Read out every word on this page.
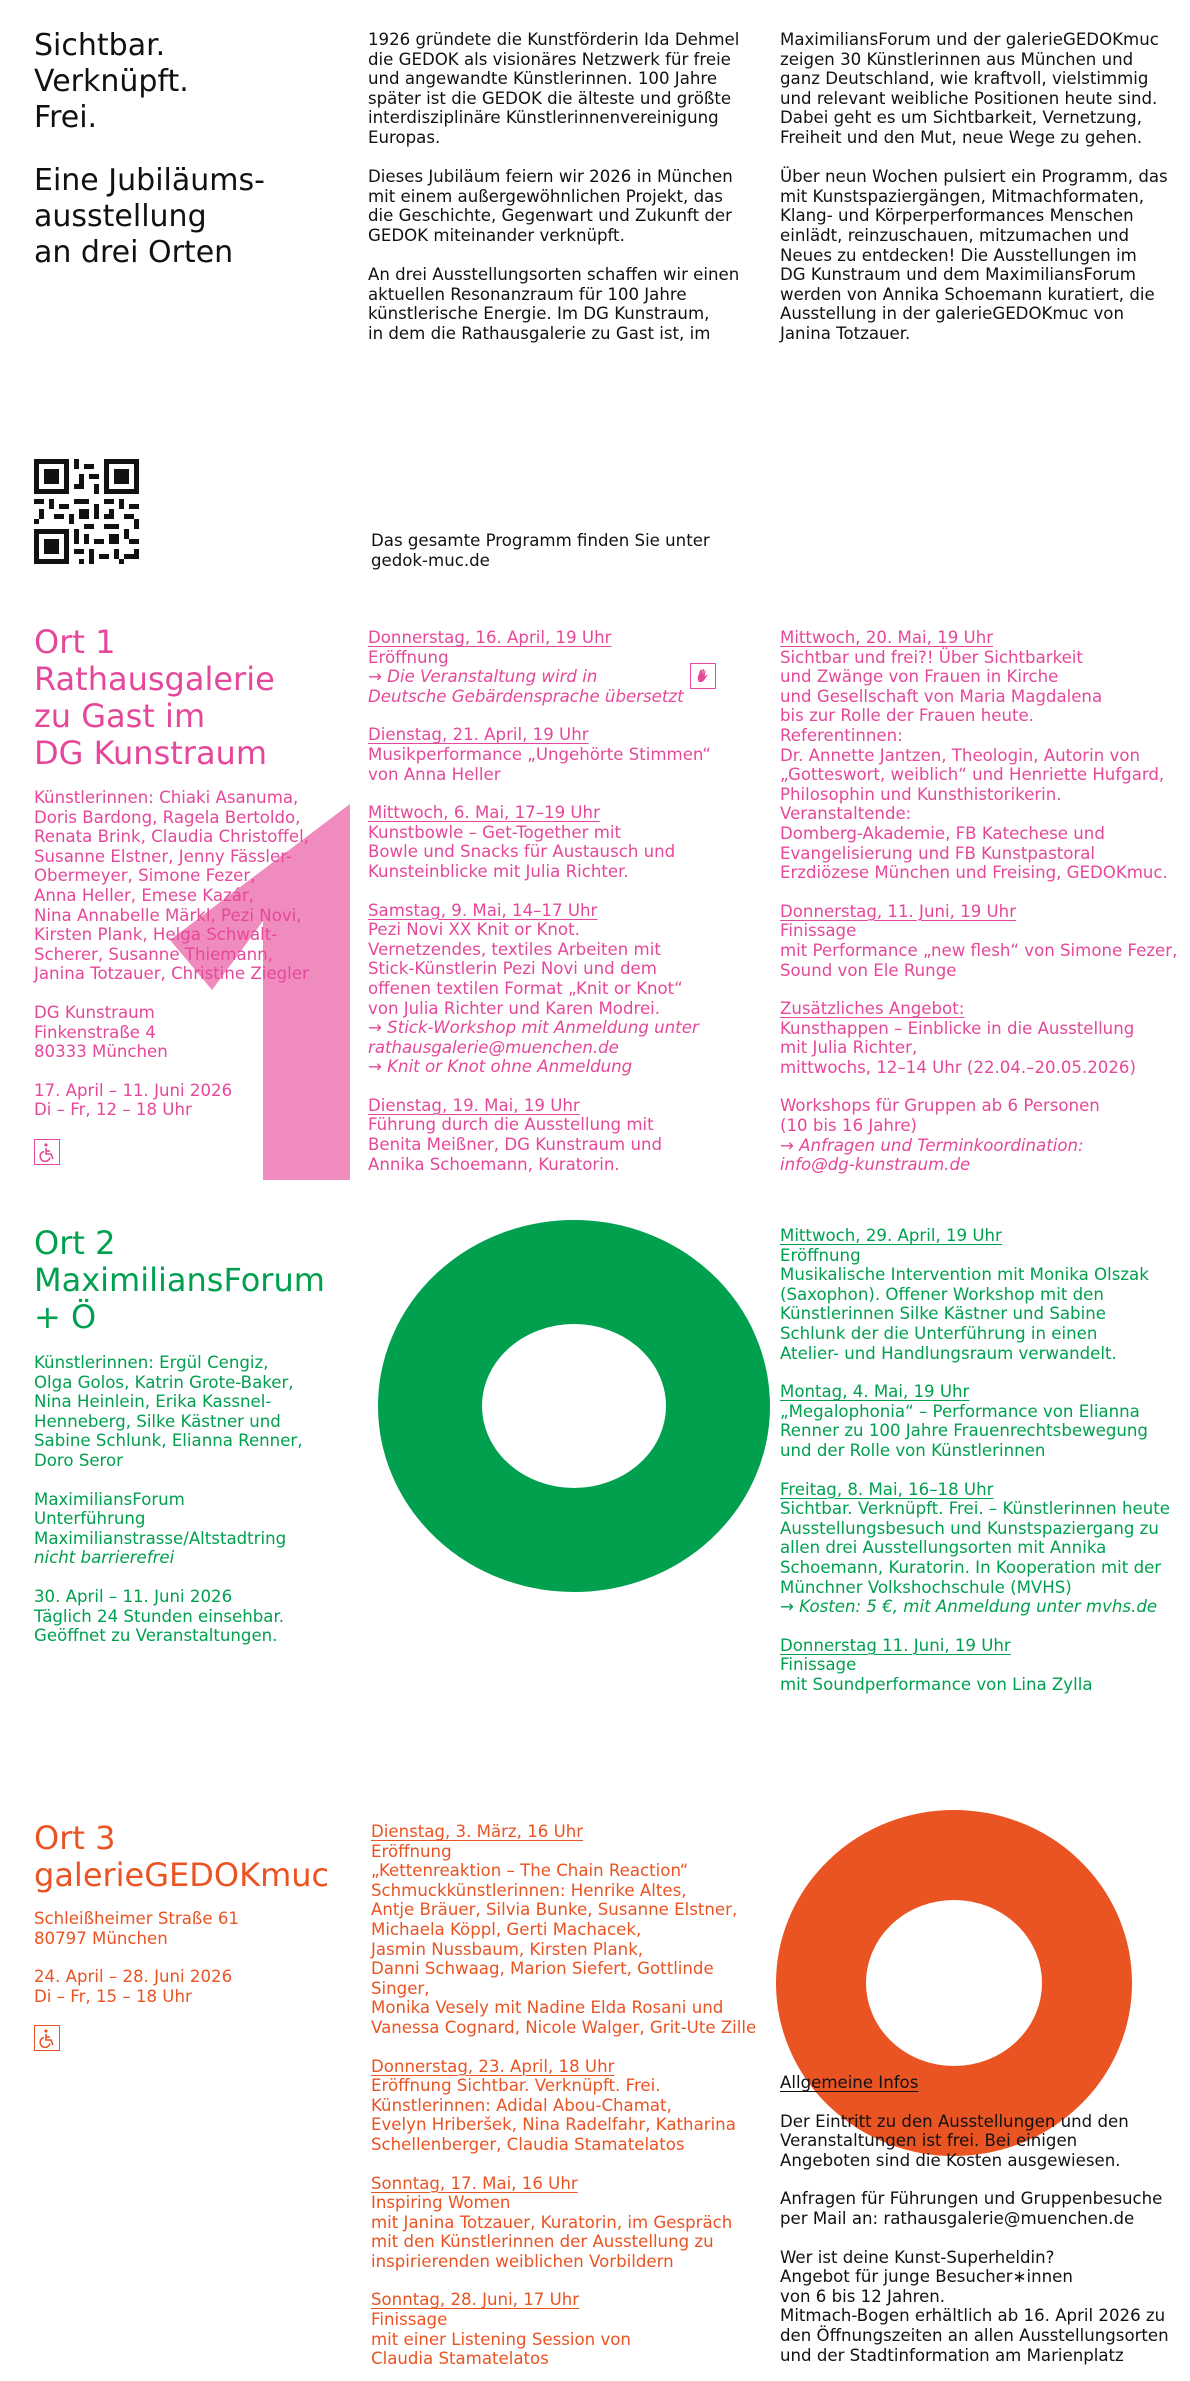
Sichtbar.
Verknüpft.
Frei.
Eine Jubiläums-
ausstellung
an drei Orten

1926 gründete die Kunstförderin Ida Dehmel
die GEDOK als visionäres Netzwerk für freie
und angewandte Künstlerinnen. 100 Jahre
später ist die GEDOK die älteste und größte
interdisziplinäre Künstlerinnenvereinigung
Europas.

Dieses Jubiläum feiern wir 2026 in München
mit einem außergewöhnlichen Projekt, das
die Geschichte, Gegenwart und Zukunft der
GEDOK miteinander verknüpft.

An drei Ausstellungsorten schaffen wir einen
aktuellen Resonanzraum für 100 Jahre
künstlerische Energie. Im DG Kunstraum,
in dem die Rathausgalerie zu Gast ist, im

MaximiliansForum und der galerieGEDOKmuc
zeigen 30 Künstlerinnen aus München und
ganz Deutschland, wie kraftvoll, vielstimmig
und relevant weibliche Positionen heute sind.
Dabei geht es um Sichtbarkeit, Vernetzung,
Freiheit und den Mut, neue Wege zu gehen.

Über neun Wochen pulsiert ein Programm, das
mit Kunstspaziergängen, Mitmachformaten,
Klang- und Körperperformances Menschen
einlädt, reinzuschauen, mitzumachen und
Neues zu entdecken! Die Ausstellungen im
DG Kunstraum und dem MaximiliansForum
werden von Annika Schoemann kuratiert, die
Ausstellung in der galerieGEDOKmuc von
Janina Totzauer.

Das gesamte Programm finden Sie unter
gedok-muc.de
Ort 1
Rathausgalerie
zu Gast im
DG Kunstraum
Künstlerinnen: Chiaki Asanuma,
Doris Bardong, Ragela Bertoldo,
Renata Brink, Claudia Christoffel,
Susanne Elstner, Jenny Fässler-
Obermeyer, Simone Fezer,
Anna Heller, Emese Kazár,
Nina Annabelle Märkl, Pezi Novi,
Kirsten Plank, Helga Schwalt-
Scherer, Susanne Thiemann,
Janina Totzauer, Christine Ziegler
DG Kunstraum
Finkenstraße 4
80333 München
17. April – 11. Juni 2026
Di – Fr, 12 – 18 Uhr
Donnerstag, 16. April, 19 Uhr
Eröffnung
→ Die Veranstaltung wird in
Deutsche Gebärdensprache übersetzt
Dienstag, 21. April, 19 Uhr
Musikperformance „Ungehörte Stimmen“
von Anna Heller
Mittwoch, 6. Mai, 17–19 Uhr
Kunstbowle – Get-Together mit
Bowle und Snacks für Austausch und
Kunsteinblicke mit Julia Richter.
Samstag, 9. Mai, 14–17 Uhr
Pezi Novi XX Knit or Knot.
Vernetzendes, textiles Arbeiten mit
Stick-Künstlerin Pezi Novi und dem
offenen textilen Format „Knit or Knot“
von Julia Richter und Karen Modrei.
→ Stick-Workshop mit Anmeldung unter
rathausgalerie@muenchen.de
→ Knit or Knot ohne Anmeldung
Dienstag, 19. Mai, 19 Uhr
Führung durch die Ausstellung mit
Benita Meißner, DG Kunstraum und
Annika Schoemann, Kuratorin.
Mittwoch, 20. Mai, 19 Uhr
Sichtbar und frei?! Über Sichtbarkeit
und Zwänge von Frauen in Kirche
und Gesellschaft von Maria Magdalena
bis zur Rolle der Frauen heute.
Referentinnen:
Dr. Annette Jantzen, Theologin, Autorin von
„Gotteswort, weiblich“ und Henriette Hufgard,
Philosophin und Kunsthistorikerin.
Veranstaltende:
Domberg-Akademie, FB Katechese und
Evangelisierung und FB Kunstpastoral
Erzdiözese München und Freising, GEDOKmuc.
Donnerstag, 11. Juni, 19 Uhr
Finissage
mit Performance „new flesh“ von Simone Fezer,
Sound von Ele Runge
Zusätzliches Angebot:
Kunsthappen – Einblicke in die Ausstellung
mit Julia Richter,
mittwochs, 12–14 Uhr (22.04.–20.05.2026)
Workshops für Gruppen ab 6 Personen
(10 bis 16 Jahre)
→ Anfragen und Terminkoordination:
info@dg-kunstraum.de
Ort 2
MaximiliansForum
+ Ö
Künstlerinnen: Ergül Cengiz,
Olga Golos, Katrin Grote-Baker,
Nina Heinlein, Erika Kassnel-
Henneberg, Silke Kästner und
Sabine Schlunk, Elianna Renner,
Doro Seror
MaximiliansForum
Unterführung
Maximilianstrasse/Altstadtring
nicht barrierefrei
30. April – 11. Juni 2026
Täglich 24 Stunden einsehbar.
Geöffnet zu Veranstaltungen.
Mittwoch, 29. April, 19 Uhr
Eröffnung
Musikalische Intervention mit Monika Olszak
(Saxophon). Offener Workshop mit den
Künstlerinnen Silke Kästner und Sabine
Schlunk der die Unterführung in einen
Atelier- und Handlungsraum verwandelt.
Montag, 4. Mai, 19 Uhr
„Megalophonia“ – Performance von Elianna
Renner zu 100 Jahre Frauenrechtsbewegung
und der Rolle von Künstlerinnen
Freitag, 8. Mai, 16–18 Uhr
Sichtbar. Verknüpft. Frei. – Künstlerinnen heute
Ausstellungsbesuch und Kunstspaziergang zu
allen drei Ausstellungsorten mit Annika
Schoemann, Kuratorin. In Kooperation mit der
Münchner Volkshochschule (MVHS)
→ Kosten: 5 €, mit Anmeldung unter mvhs.de
Donnerstag 11. Juni, 19 Uhr
Finissage
mit Soundperformance von Lina Zylla
Ort 3
galerieGEDOKmuc
Schleißheimer Straße 61
80797 München
24. April – 28. Juni 2026
Di – Fr, 15 – 18 Uhr
Dienstag, 3. März, 16 Uhr
Eröffnung
„Kettenreaktion – The Chain Reaction“
Schmuckkünstlerinnen: Henrike Altes,
Antje Bräuer, Silvia Bunke, Susanne Elstner,
Michaela Köppl, Gerti Machacek,
Jasmin Nussbaum, Kirsten Plank,
Danni Schwaag, Marion Siefert, Gottlinde Singer,
Monika Vesely mit Nadine Elda Rosani und
Vanessa Cognard, Nicole Walger, Grit-Ute Zille
Donnerstag, 23. April, 18 Uhr
Eröffnung Sichtbar. Verknüpft. Frei.
Künstlerinnen: Adidal Abou-Chamat,
Evelyn Hriberšek, Nina Radelfahr, Katharina
Schellenberger, Claudia Stamatelatos
Sonntag, 17. Mai, 16 Uhr
Inspiring Women
mit Janina Totzauer, Kuratorin, im Gespräch
mit den Künstlerinnen der Ausstellung zu
inspirierenden weiblichen Vorbildern
Sonntag, 28. Juni, 17 Uhr
Finissage
mit einer Listening Session von
Claudia Stamatelatos
Allgemeine Infos
Der Eintritt zu den Ausstellungen und den
Veranstaltungen ist frei. Bei einigen
Angeboten sind die Kosten ausgewiesen.
Anfragen für Führungen und Gruppenbesuche
per Mail an: rathausgalerie@muenchen.de
Wer ist deine Kunst-Superheldin?
Angebot für junge Besucher∗innen
von 6 bis 12 Jahren.
Mitmach-Bogen erhältlich ab 16. April 2026 zu
den Öffnungszeiten an allen Ausstellungsorten
und der Stadtinformation am Marienplatz
